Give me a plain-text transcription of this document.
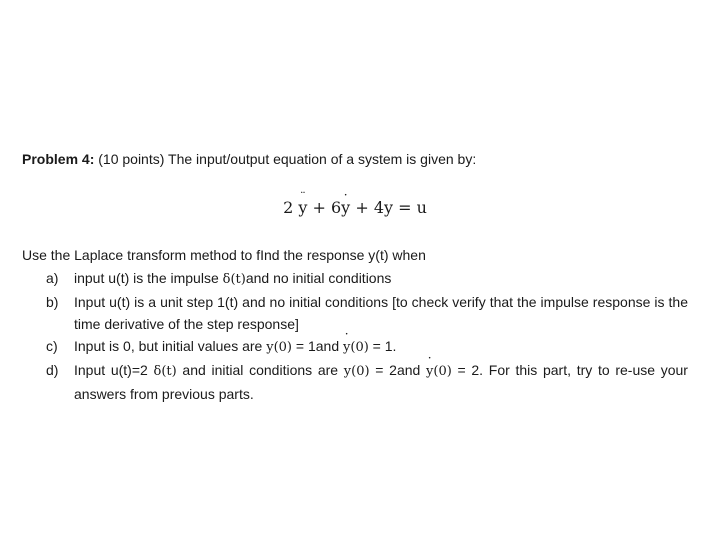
Problem 4: (10 points) The input/output equation of a system is given by:
2 ¨ y + 6· y + 4y = u
Use the Laplace transform method to fInd the response y(t) when
a)	input u(t) is the impulse δ(t)and no initial conditions
b)	Input u(t) is a unit step 1(t) and no initial conditions [to check verify that the impulse response is the time derivative of the step response]
c)	Input is 0, but initial values are y(0) = 1and · y(0) = 1.
d)	Input u(t)=2 δ(t) and initial conditions are y(0) = 2and · y(0) = 2. For this part, try to re-use your answers from previous parts.
